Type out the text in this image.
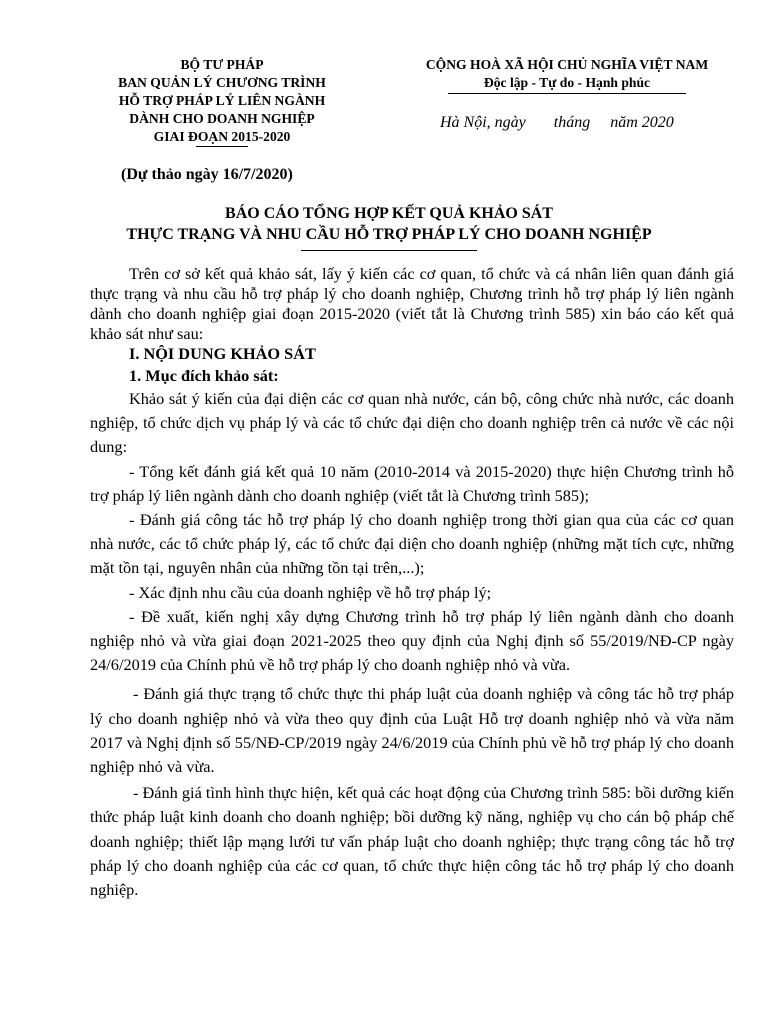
BỘ TƯ PHÁP
BAN QUẢN LÝ CHƯƠNG TRÌNH
HỖ TRỢ PHÁP LÝ LIÊN NGÀNH
DÀNH CHO DOANH NGHIỆP
GIAI ĐOẠN 2015-2020
CỘNG HOÀ XÃ HỘI CHỦ NGHĨA VIỆT NAM
Độc lập - Tự do - Hạnh phúc
Hà Nội, ngày       tháng     năm 2020
(Dự thảo ngày 16/7/2020)
BÁO CÁO TỔNG HỢP KẾT QUẢ KHẢO SÁT
THỰC TRẠNG VÀ NHU CẦU HỖ TRỢ PHÁP LÝ CHO DOANH NGHIỆP
Trên cơ sở kết quả khảo sát, lấy ý kiến các cơ quan, tổ chức và cá nhân liên quan đánh giá thực trạng và nhu cầu hỗ trợ pháp lý cho doanh nghiệp, Chương trình hỗ trợ pháp lý liên ngành dành cho doanh nghiệp giai đoạn 2015-2020 (viết tắt là Chương trình 585) xin báo cáo kết quả khảo sát như sau:
I. NỘI DUNG KHẢO SÁT
1. Mục đích khảo sát:
Khảo sát ý kiến của đại diện các cơ quan nhà nước, cán bộ, công chức nhà nước, các doanh nghiệp, tổ chức dịch vụ pháp lý và các tổ chức đại diện cho doanh nghiệp trên cả nước về các nội dung:
- Tổng kết đánh giá kết quả 10 năm (2010-2014 và 2015-2020) thực hiện Chương trình hỗ trợ pháp lý liên ngành dành cho doanh nghiệp (viết tắt là Chương trình 585);
- Đánh giá công tác hỗ trợ pháp lý cho doanh nghiệp trong thời gian qua của các cơ quan nhà nước, các tổ chức pháp lý, các tổ chức đại diện cho doanh nghiệp (những mặt tích cực, những mặt tồn tại, nguyên nhân của những tồn tại trên,...);
- Xác định nhu cầu của doanh nghiệp về hỗ trợ pháp lý;
- Đề xuất, kiến nghị xây dựng Chương trình hỗ trợ pháp lý liên ngành dành cho doanh nghiệp nhỏ và vừa giai đoạn 2021-2025 theo quy định của Nghị định số 55/2019/NĐ-CP ngày 24/6/2019 của Chính phủ về hỗ trợ pháp lý cho doanh nghiệp nhỏ và vừa.
- Đánh giá thực trạng tổ chức thực thi pháp luật của doanh nghiệp và công tác hỗ trợ pháp lý cho doanh nghiệp nhỏ và vừa theo quy định của Luật Hỗ trợ doanh nghiệp nhỏ và vừa năm 2017 và Nghị định số 55/NĐ-CP/2019 ngày 24/6/2019 của Chính phủ về hỗ trợ pháp lý cho doanh nghiệp nhỏ và vừa.
- Đánh giá tình hình thực hiện, kết quả các hoạt động của Chương trình 585: bồi dưỡng kiến thức pháp luật kinh doanh cho doanh nghiệp; bồi dưỡng kỹ năng, nghiệp vụ cho cán bộ pháp chế doanh nghiệp; thiết lập mạng lưới tư vấn pháp luật cho doanh nghiệp; thực trạng công tác hỗ trợ pháp lý cho doanh nghiệp của các cơ quan, tổ chức thực hiện công tác hỗ trợ pháp lý cho doanh nghiệp.
